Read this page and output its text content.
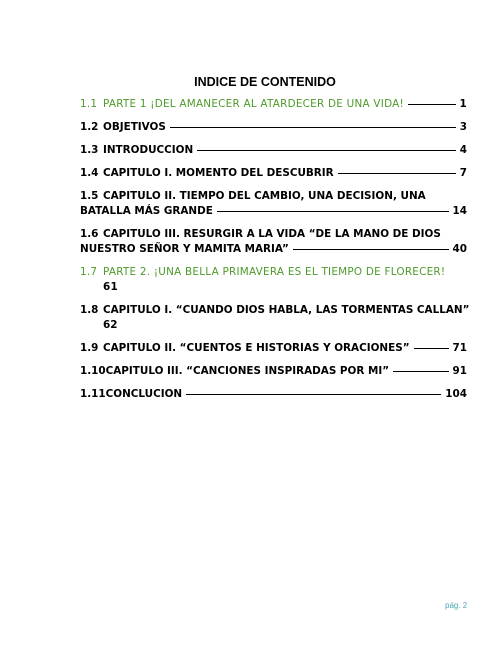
INDICE DE CONTENIDO
1.1 PARTE 1 ¡DEL AMANECER AL ATARDECER DE UNA VIDA!	1
1.2 OBJETIVOS	3
1.3 INTRODUCCION	4
1.4 CAPITULO I. MOMENTO DEL DESCUBRIR	7
1.5 CAPITULO II. TIEMPO DEL CAMBIO, UNA DECISION, UNA
BATALLA MÁS GRANDE	14
1.6 CAPITULO III. RESURGIR A LA VIDA “DE LA MANO DE DIOS
NUESTRO SEÑOR Y MAMITA MARIA”	40
1.7 PARTE 2. ¡UNA BELLA PRIMAVERA ES EL TIEMPO DE FLORECER!
61
1.8 CAPITULO I. “CUANDO DIOS HABLA, LAS TORMENTAS CALLAN”
62
1.9 CAPITULO II. “CUENTOS E HISTORIAS Y ORACIONES”	71
1.10 CAPITULO III. “CANCIONES INSPIRADAS POR MI”	91
1.11 CONCLUCION	104
pág. 2
